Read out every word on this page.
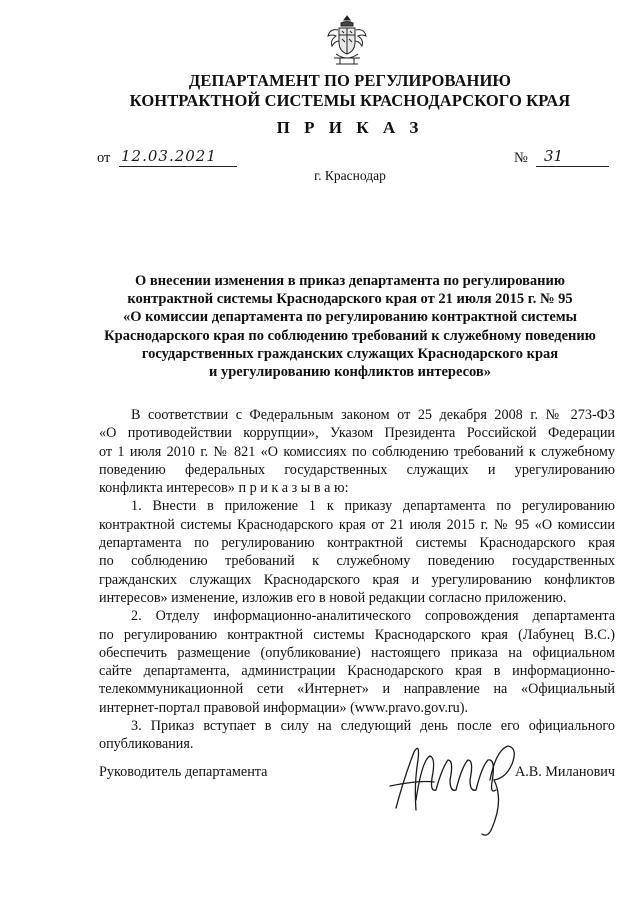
ДЕПАРТАМЕНТ ПО РЕГУЛИРОВАНИЮ
КОНТРАКТНОЙ СИСТЕМЫ КРАСНОДАРСКОГО КРАЯ
П Р И К А З
от 12.03.2021	№ 31
г. Краснодар
О внесении изменения в приказ департамента по регулированию
контрактной системы Краснодарского края от 21 июля 2015 г. № 95
«О комиссии департамента по регулированию контрактной системы
Краснодарского края по соблюдению требований к служебному поведению
государственных гражданских служащих Краснодарского края
и урегулированию конфликтов интересов»
В соответствии с Федеральным законом от 25 декабря 2008 г. № 273-ФЗ
«О противодействии коррупции», Указом Президента Российской Федерации
от 1 июля 2010 г. № 821 «О комиссиях по соблюдению требований к служебному
поведению федеральных государственных служащих и урегулированию
конфликта интересов» п р и к а з ы в а ю:
1. Внести в приложение 1 к приказу департамента по регулированию
контрактной системы Краснодарского края от 21 июля 2015 г. № 95 «О комиссии
департамента по регулированию контрактной системы Краснодарского края
по соблюдению требований к служебному поведению государственных
гражданских служащих Краснодарского края и урегулированию конфликтов
интересов» изменение, изложив его в новой редакции согласно приложению.
2. Отделу информационно-аналитического сопровождения департамента
по регулированию контрактной системы Краснодарского края (Лабунец В.С.)
обеспечить размещение (опубликование) настоящего приказа на официальном
сайте департамента, администрации Краснодарского края в информационно-
телекоммуникационной сети «Интернет» и направление на «Официальный
интернет-портал правовой информации» (www.pravo.gov.ru).
3. Приказ вступает в силу на следующий день после его официального
опубликования.
Руководитель департамента	А.В. Миланович
